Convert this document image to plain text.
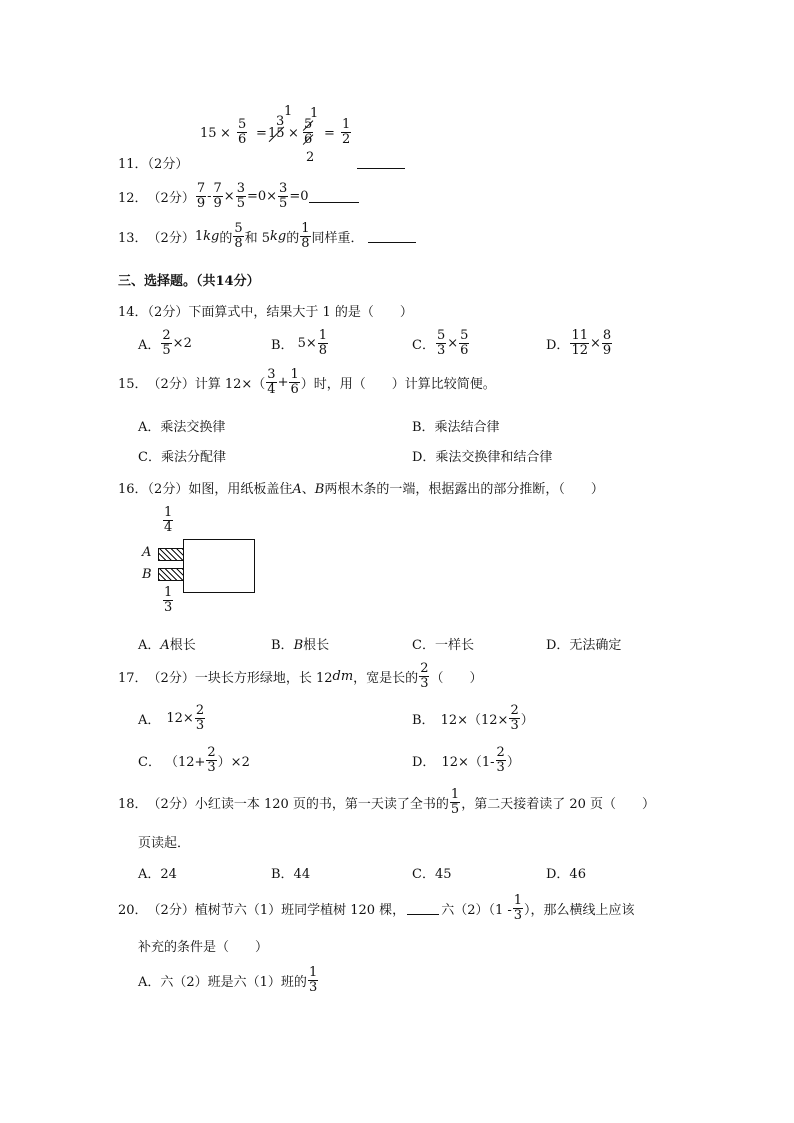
$15 \times \frac{5}{6}$ =
1
3
15 ×
1
$\frac{5}{6}$
2
= $\frac{1}{2}$
11．（2分）
12． （2分） $\frac{7}{9} - \frac{7}{9} \times \frac{3}{5} =0\times \frac{3}{5} =0$
13． （2分） 1 kg 的 $\frac{5}{8}$ 和 5 kg 的 $\frac{1}{8}$ 同样重．
三、选择题。（共14分）
14．（2分）下面算式中，结果大于 1 的是（　　）
A． $\frac{2}{5} \times 2$	B． $5\times \frac{1}{8}$	C． $\frac{5}{3} \times \frac{5}{6}$	D． $\frac{11}{12} \times \frac{8}{9}$
15． （2分） 计算 $12\times( \frac{3}{4} + \frac{1}{6}$ ） 时，用（　　）计算比较简便。
A．乘法交换律	B．乘法结合律
C．乘法分配律	D．乘法交换律和结合律
16．（2分）如图，用纸板盖住A、B两根木条的一端，根据露出的部分推断，（　　）
$\frac{1}{4}$
A
B
$\frac{1}{3}$
A．A根长	B．B根长	C．一样长	D．无法确定
17． （2分） 一块长方形绿地，长 12 dm ，宽是长的 $\frac{2}{3}$ （　　）
A． $12\times \frac{2}{3}$	B． $12\times(12\times \frac{2}{3}$ ）
C． $(12+ \frac{2}{3} )\times 2$	D． $12\times(1- \frac{2}{3}$ ）
18． （2分） 小红读一本 120 页的书，第一天读了全书的 $\frac{1}{5}$ ，第二天接着读了 20 页（　　）
页读起．
A．24	B．44	C．45	D．46
20． （2分） 植树节六（1）班同学植树 120 棵，	六$(2)(1 - \frac{1}{3}$ ），那么横线上应该
补充的条件是（　　）
A．六（2）班是六（1）班的 $\frac{1}{3}$
